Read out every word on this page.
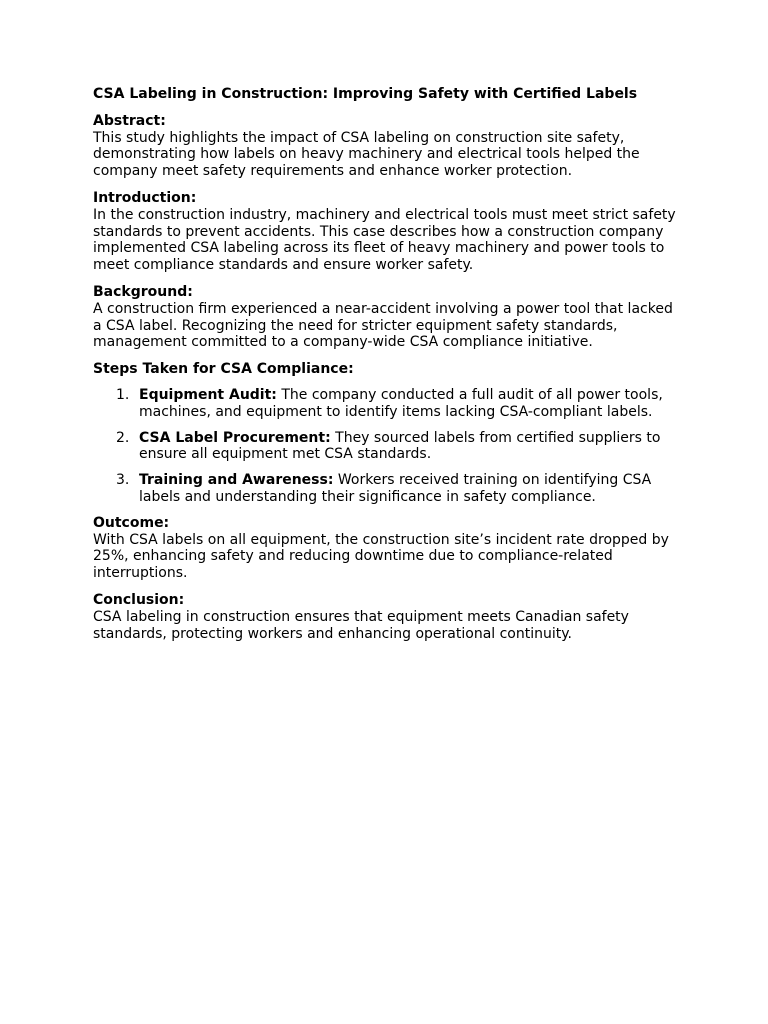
CSA Labeling in Construction: Improving Safety with Certified Labels

Abstract:

This study highlights the impact of CSA labeling on construction site safety, demonstrating how labels on heavy machinery and electrical tools helped the company meet safety requirements and enhance worker protection.

Introduction:

In the construction industry, machinery and electrical tools must meet strict safety standards to prevent accidents. This case describes how a construction company implemented CSA labeling across its fleet of heavy machinery and power tools to meet compliance standards and ensure worker safety.

Background:

A construction firm experienced a near-accident involving a power tool that lacked a CSA label. Recognizing the need for stricter equipment safety standards, management committed to a company-wide CSA compliance initiative.

Steps Taken for CSA Compliance:

1. Equipment Audit: The company conducted a full audit of all power tools, machines, and equipment to identify items lacking CSA-compliant labels.
2. CSA Label Procurement: They sourced labels from certified suppliers to ensure all equipment met CSA standards.
3. Training and Awareness: Workers received training on identifying CSA labels and understanding their significance in safety compliance.

Outcome:

With CSA labels on all equipment, the construction site’s incident rate dropped by 25%, enhancing safety and reducing downtime due to compliance-related interruptions.

Conclusion:

CSA labeling in construction ensures that equipment meets Canadian safety standards, protecting workers and enhancing operational continuity.
